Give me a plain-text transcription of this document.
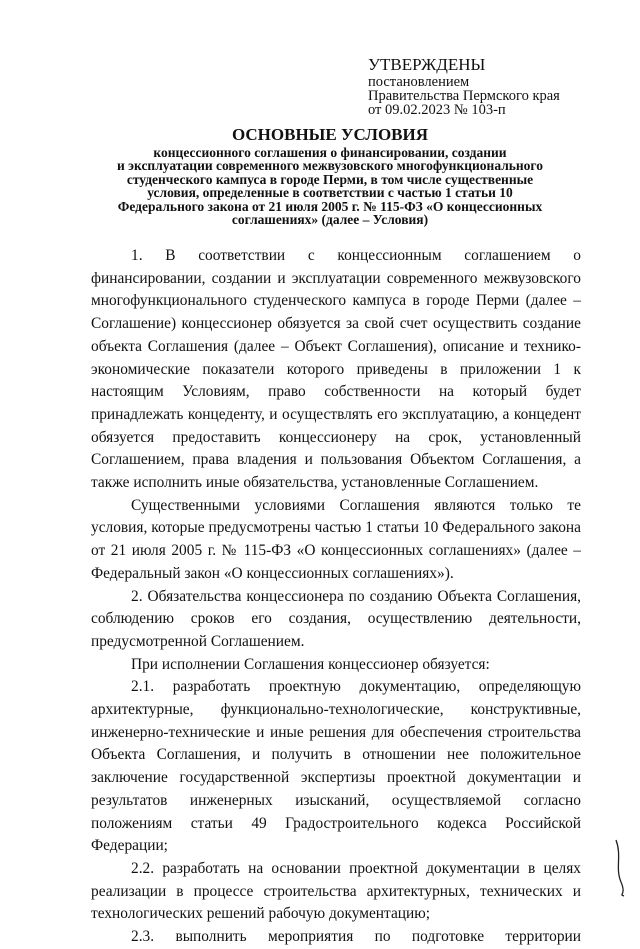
УТВЕРЖДЕНЫ
постановлением
Правительства Пермского края
от 09.02.2023 № 103-п
ОСНОВНЫЕ УСЛОВИЯ
концессионного соглашения о финансировании, создании
и эксплуатации современного межвузовского многофункционального
студенческого кампуса в городе Перми, в том числе существенные
условия, определенные в соответствии с частью 1 статьи 10
Федерального закона от 21 июля 2005 г. № 115-ФЗ «О концессионных
соглашениях» (далее – Условия)

1. В соответствии с концессионным соглашением о финансировании, создании и эксплуатации современного межвузовского многофункционального студенческого кампуса в городе Перми (далее – Соглашение) концессионер обязуется за свой счет осуществить создание объекта Соглашения (далее – Объект Соглашения), описание и технико-экономические показатели которого приведены в приложении 1 к настоящим Условиям, право собственности на который будет принадлежать концеденту, и осуществлять его эксплуатацию, а концедент обязуется предоставить концессионеру на срок, установленный Соглашением, права владения и пользования Объектом Соглашения, а также исполнить иные обязательства, установленные Соглашением.

Существенными условиями Соглашения являются только те условия, которые предусмотрены частью 1 статьи 10 Федерального закона от 21 июля 2005 г. № 115-ФЗ «О концессионных соглашениях» (далее – Федеральный закон «О концессионных соглашениях»).

2. Обязательства концессионера по созданию Объекта Соглашения, соблюдению сроков его создания, осуществлению деятельности, предусмотренной Соглашением.

При исполнении Соглашения концессионер обязуется:

2.1. разработать проектную документацию, определяющую архитектурные, функционально-технологические, конструктивные, инженерно-технические и иные решения для обеспечения строительства Объекта Соглашения, и получить в отношении нее положительное заключение государственной экспертизы проектной документации и результатов инженерных изысканий, осуществляемой согласно положениям статьи 49 Градостроительного кодекса Российской Федерации;

2.2. разработать на основании проектной документации в целях реализации в процессе строительства архитектурных, технических и технологических решений рабочую документацию;

2.3. выполнить мероприятия по подготовке территории
